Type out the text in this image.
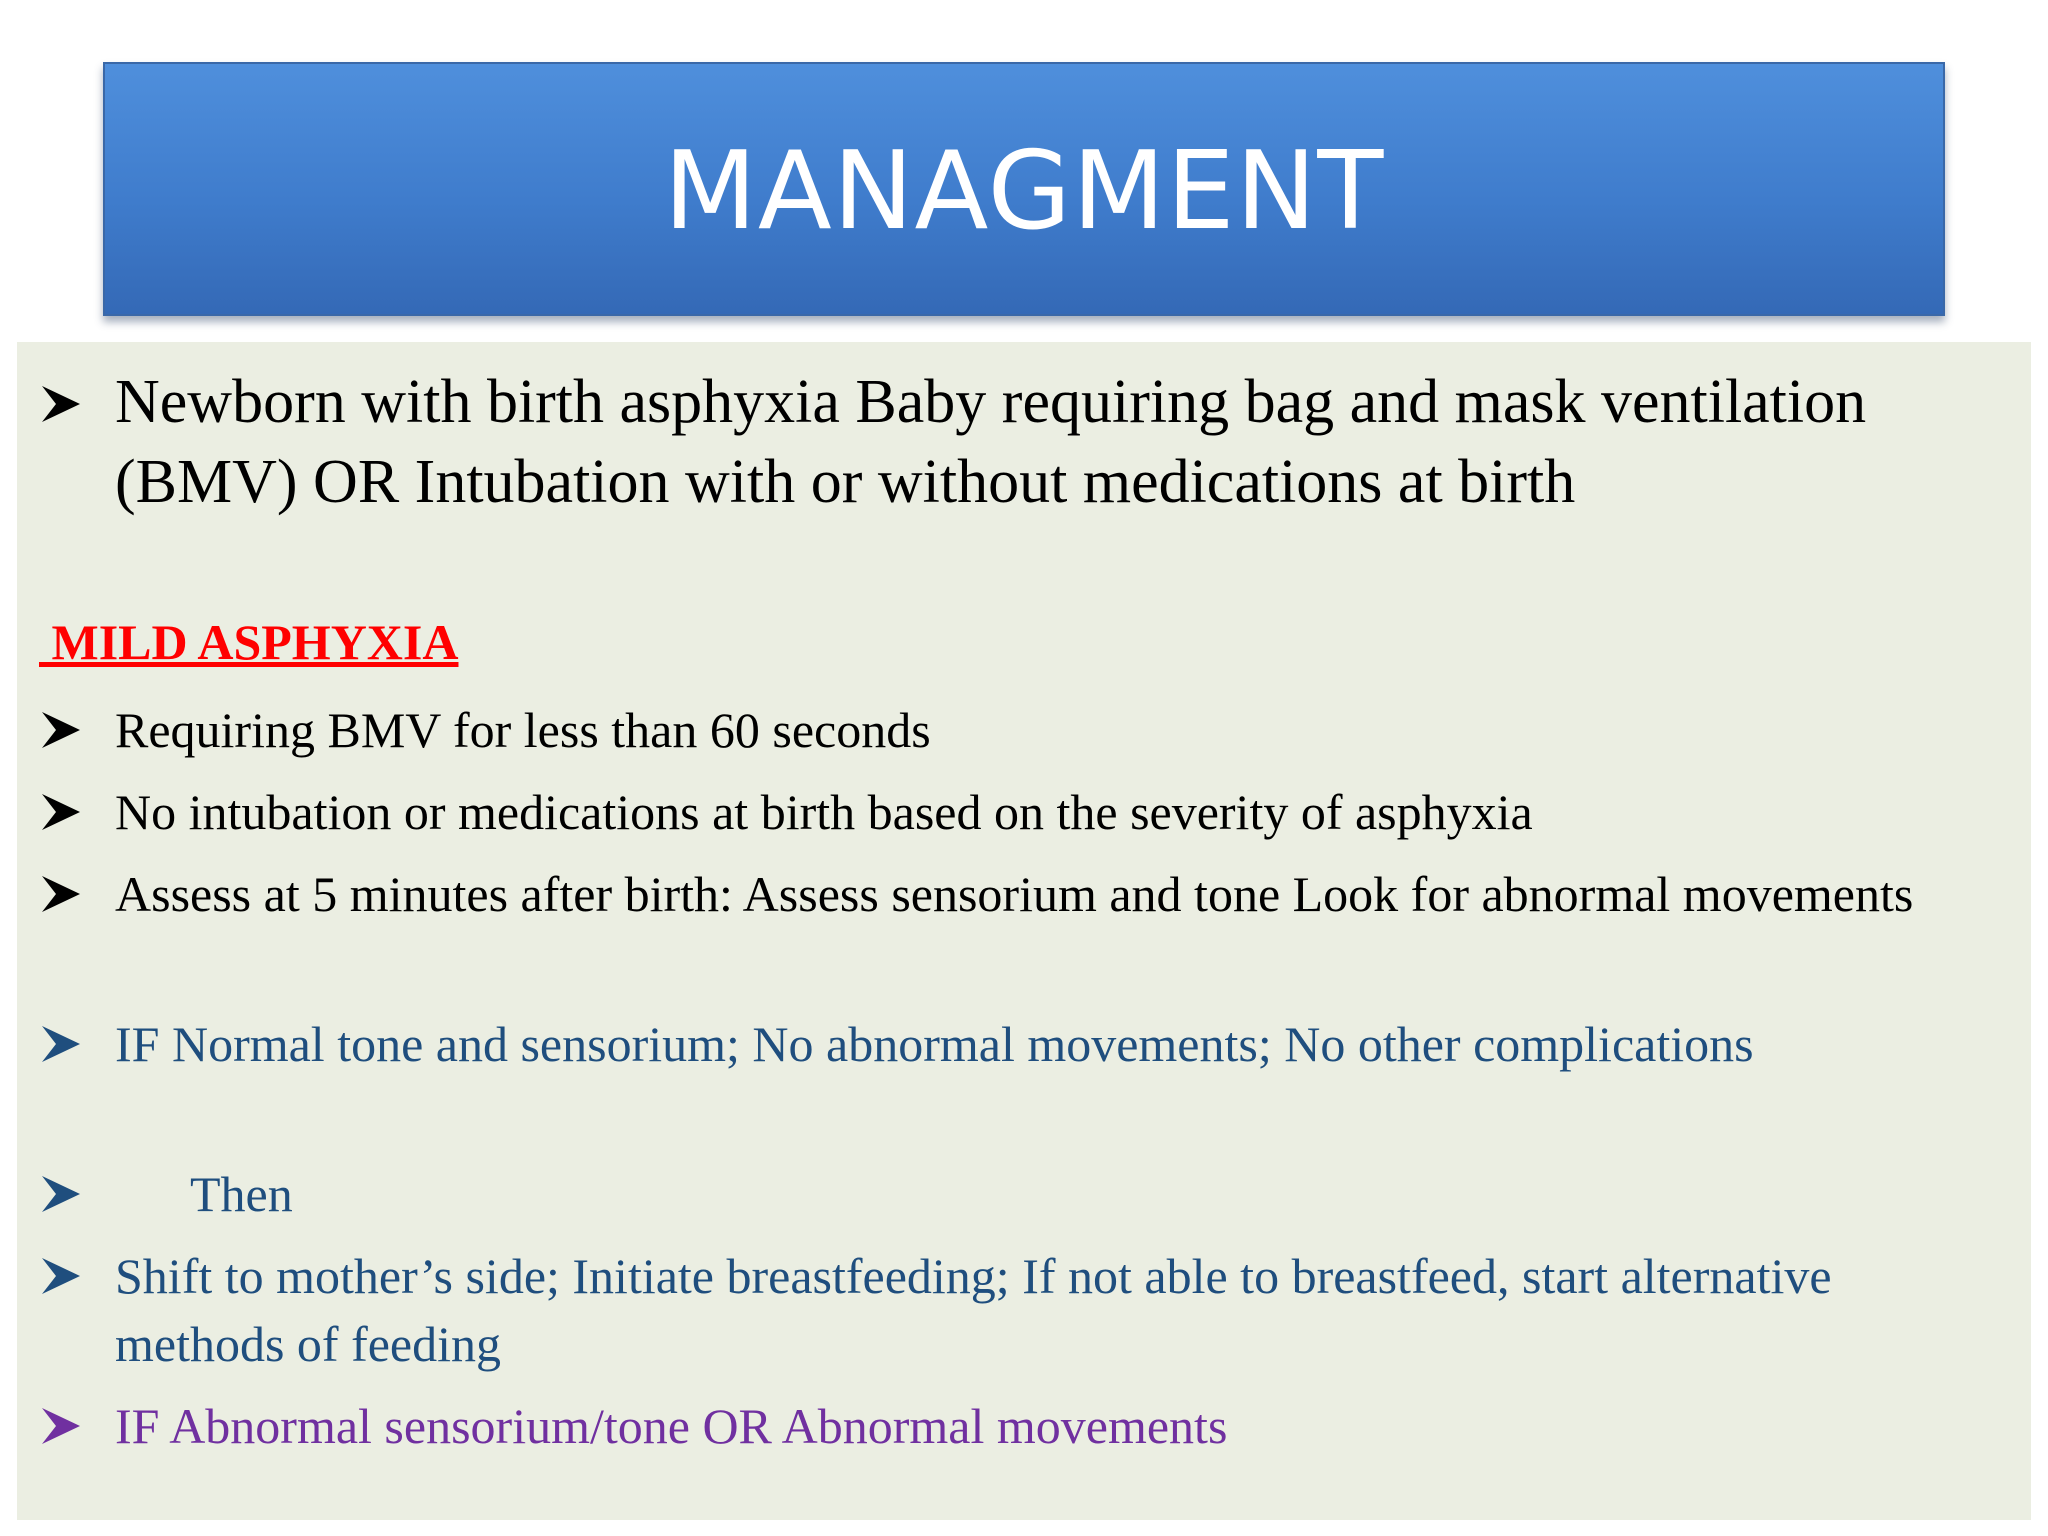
MANAGMENT
Newborn with birth asphyxia Baby requiring bag and mask ventilation (BMV) OR Intubation with or without medications at birth
MILD ASPHYXIA
Requiring BMV for less than 60 seconds
No intubation or medications at birth based on the severity of asphyxia
Assess at 5 minutes after birth: Assess sensorium and tone Look for abnormal movements
IF Normal tone and sensorium; No abnormal movements; No other complications
Then
Shift to mother’s side; Initiate breastfeeding; If not able to breastfeed, start alternative methods of feeding
IF Abnormal sensorium/tone OR Abnormal movements
